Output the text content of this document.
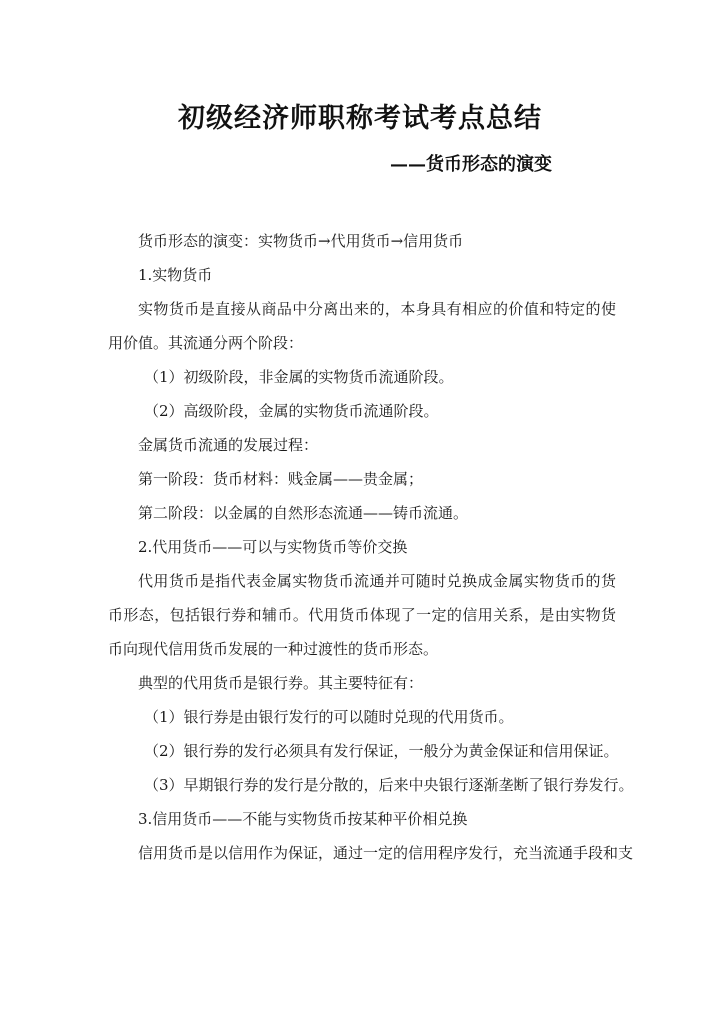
初级经济师职称考试考点总结
——货币形态的演变

货币形态的演变：实物货币→代用货币→信用货币

1.实物货币

实物货币是直接从商品中分离出来的，本身具有相应的价值和特定的使用价值。其流通分两个阶段：

（1）初级阶段，非金属的实物货币流通阶段。

（2）高级阶段，金属的实物货币流通阶段。

金属货币流通的发展过程：

第一阶段：货币材料：贱金属——贵金属；

第二阶段：以金属的自然形态流通——铸币流通。

2.代用货币——可以与实物货币等价交换

代用货币是指代表金属实物货币流通并可随时兑换成金属实物货币的货币形态，包括银行券和辅币。代用货币体现了一定的信用关系，是由实物货币向现代信用货币发展的一种过渡性的货币形态。

典型的代用货币是银行券。其主要特征有：

（1）银行券是由银行发行的可以随时兑现的代用货币。

（2）银行券的发行必须具有发行保证，一般分为黄金保证和信用保证。

（3）早期银行券的发行是分散的，后来中央银行逐渐垄断了银行券发行。

3.信用货币——不能与实物货币按某种平价相兑换

信用货币是以信用作为保证，通过一定的信用程序发行，充当流通手段和支
